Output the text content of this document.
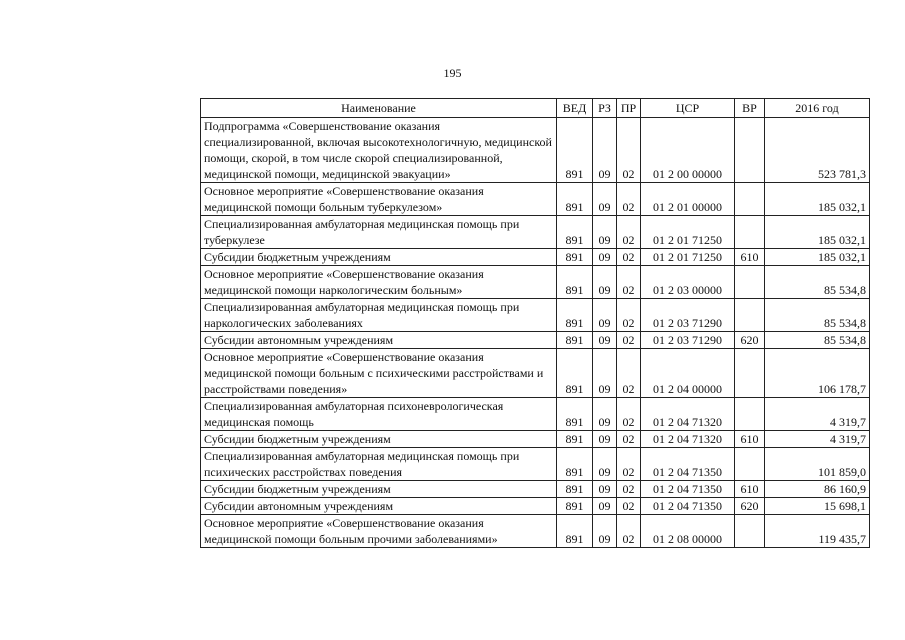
195
Наименование	ВЕД	РЗ	ПР	ЦСР	ВР	2016 год
Подпрограмма «Совершенствование оказания специализированной, включая высокотехнологичную, медицинской помощи, скорой, в том числе скорой специализированной, медицинской помощи, медицинской эвакуации»	891	09	02	01 2 00 00000		523 781,3
Основное мероприятие «Совершенствование оказания медицинской помощи больным туберкулезом»	891	09	02	01 2 01 00000		185 032,1
Специализированная амбулаторная медицинская помощь при туберкулезе	891	09	02	01 2 01 71250		185 032,1
Субсидии бюджетным учреждениям	891	09	02	01 2 01 71250	610	185 032,1
Основное мероприятие «Совершенствование оказания медицинской помощи наркологическим больным»	891	09	02	01 2 03 00000		85 534,8
Специализированная амбулаторная медицинская помощь при наркологических заболеваниях	891	09	02	01 2 03 71290		85 534,8
Субсидии автономным учреждениям	891	09	02	01 2 03 71290	620	85 534,8
Основное мероприятие «Совершенствование оказания медицинской помощи больным с психическими расстройствами и расстройствами поведения»	891	09	02	01 2 04 00000		106 178,7
Специализированная амбулаторная психоневрологическая медицинская помощь	891	09	02	01 2 04 71320		4 319,7
Субсидии бюджетным учреждениям	891	09	02	01 2 04 71320	610	4 319,7
Специализированная амбулаторная медицинская помощь при психических расстройствах поведения	891	09	02	01 2 04 71350		101 859,0
Субсидии бюджетным учреждениям	891	09	02	01 2 04 71350	610	86 160,9
Субсидии автономным учреждениям	891	09	02	01 2 04 71350	620	15 698,1
Основное мероприятие «Совершенствование оказания медицинской помощи больным прочими заболеваниями»	891	09	02	01 2 08 00000		119 435,7
